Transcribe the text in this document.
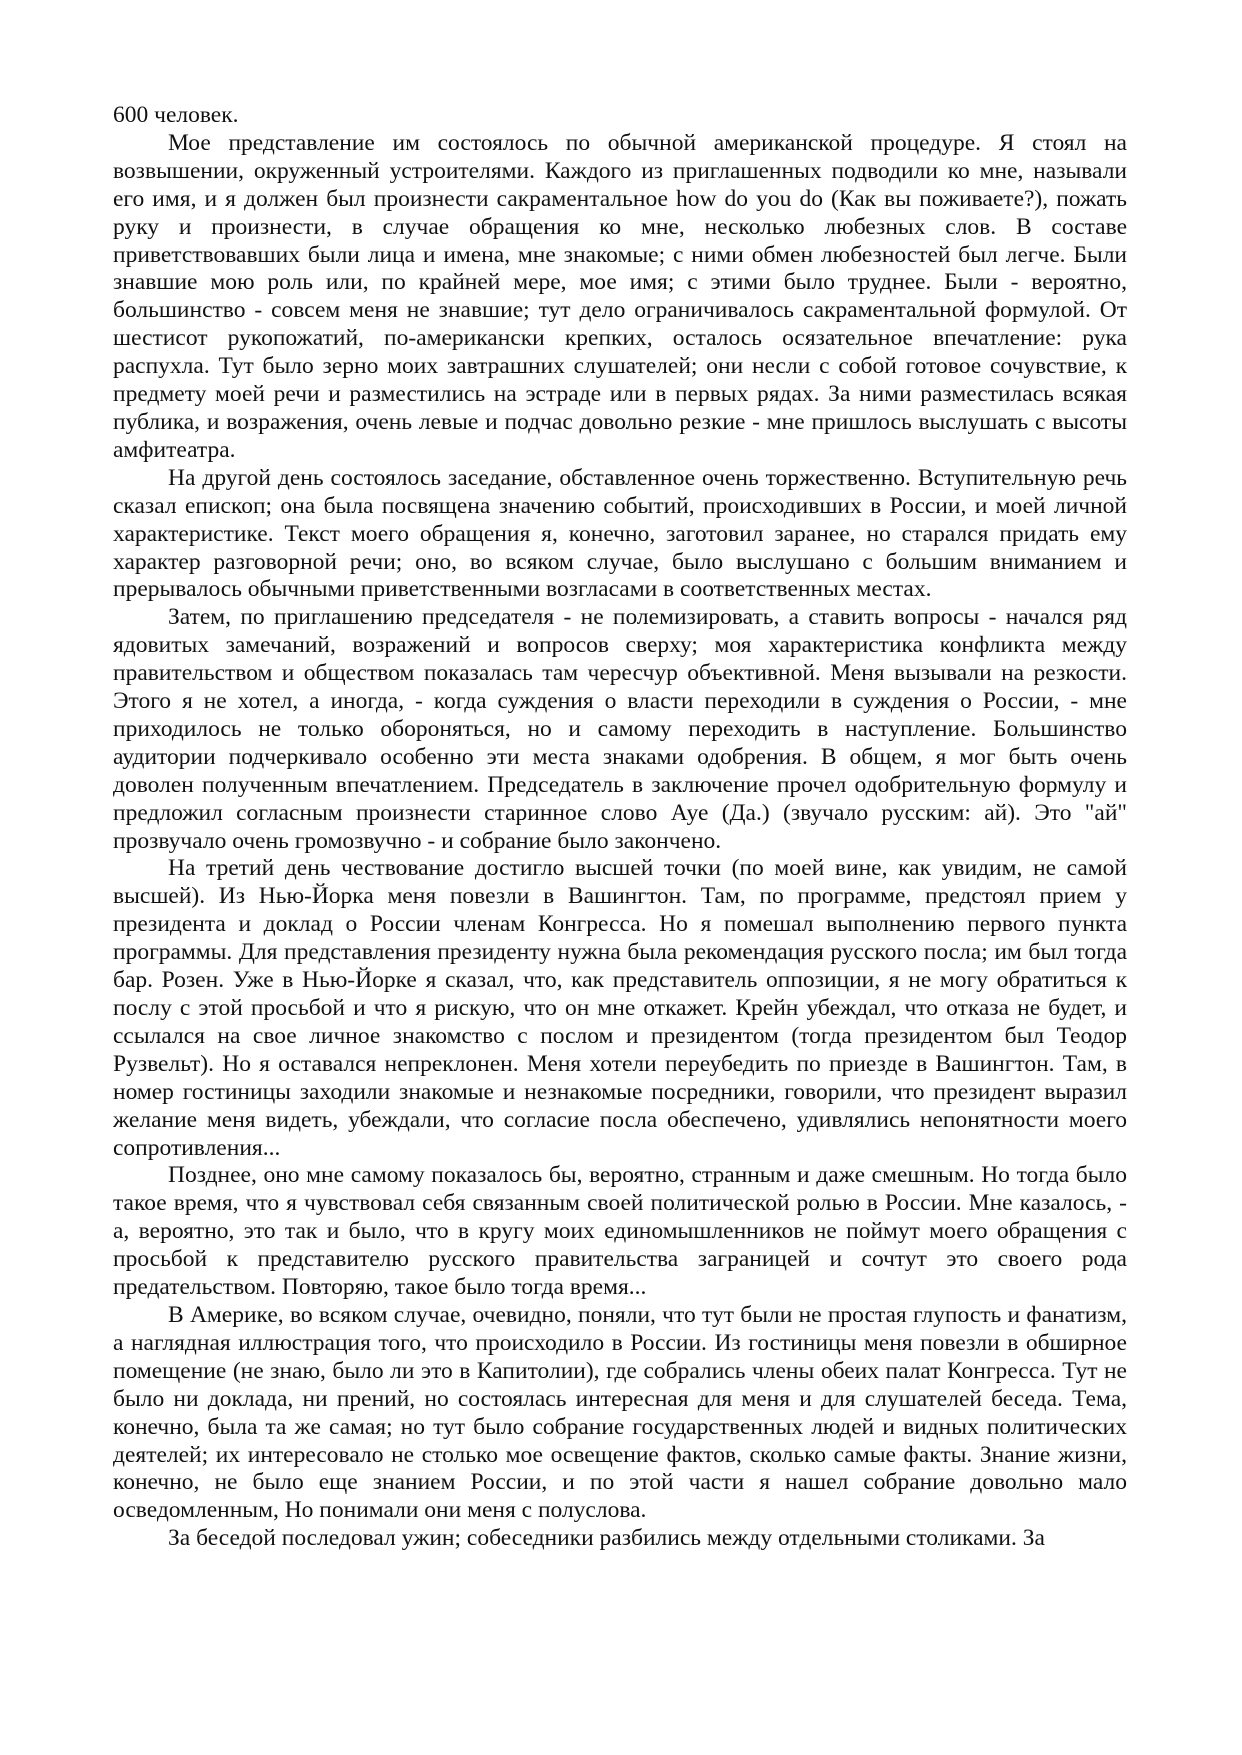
600 человек.

Мое представление им состоялось по обычной американской процедуре. Я стоял на возвышении, окруженный устроителями. Каждого из приглашенных подводили ко мне, называли его имя, и я должен был произнести сакраментальное how do you do (Как вы поживаете?), пожать руку и произнести, в случае обращения ко мне, несколько любезных слов. В составе приветствовавших были лица и имена, мне знакомые; с ними обмен любезностей был легче. Были знавшие мою роль или, по крайней мере, мое имя; с этими было труднее. Были - вероятно, большинство - совсем меня не знавшие; тут дело ограничивалось сакраментальной формулой. От шестисот рукопожатий, по-американски крепких, осталось осязательное впечатление: рука распухла. Тут было зерно моих завтрашних слушателей; они несли с собой готовое сочувствие, к предмету моей речи и разместились на эстраде или в первых рядах. За ними разместилась всякая публика, и возражения, очень левые и подчас довольно резкие - мне пришлось выслушать с высоты амфитеатра.

На другой день состоялось заседание, обставленное очень торжественно. Вступительную речь сказал епископ; она была посвящена значению событий, происходивших в России, и моей личной характеристике. Текст моего обращения я, конечно, заготовил заранее, но старался придать ему характер разговорной речи; оно, во всяком случае, было выслушано с большим вниманием и прерывалось обычными приветственными возгласами в соответственных местах.

Затем, по приглашению председателя - не полемизировать, а ставить вопросы - начался ряд ядовитых замечаний, возражений и вопросов сверху; моя характеристика конфликта между правительством и обществом показалась там чересчур объективной. Меня вызывали на резкости. Этого я не хотел, а иногда, - когда суждения о власти переходили в суждения о России, - мне приходилось не только обороняться, но и самому переходить в наступление. Большинство аудитории подчеркивало особенно эти места знаками одобрения. В общем, я мог быть очень доволен полученным впечатлением. Председатель в заключение прочел одобрительную формулу и предложил согласным произнести старинное слово Ауе (Да.) (звучало русским: ай). Это "ай" прозвучало очень громозвучно - и собрание было закончено.

На третий день чествование достигло высшей точки (по моей вине, как увидим, не самой высшей). Из Нью-Йорка меня повезли в Вашингтон. Там, по программе, предстоял прием у президента и доклад о России членам Конгресса. Но я помешал выполнению первого пункта программы. Для представления президенту нужна была рекомендация русского посла; им был тогда бар. Розен. Уже в Нью-Йорке я сказал, что, как представитель оппозиции, я не могу обратиться к послу с этой просьбой и что я рискую, что он мне откажет. Крейн убеждал, что отказа не будет, и ссылался на свое личное знакомство с послом и президентом (тогда президентом был Теодор Рузвельт). Но я оставался непреклонен. Меня хотели переубедить по приезде в Вашингтон. Там, в номер гостиницы заходили знакомые и незнакомые посредники, говорили, что президент выразил желание меня видеть, убеждали, что согласие посла обеспечено, удивлялись непонятности моего сопротивления...

Позднее, оно мне самому показалось бы, вероятно, странным и даже смешным. Но тогда было такое время, что я чувствовал себя связанным своей политической ролью в России. Мне казалось, - а, вероятно, это так и было, что в кругу моих единомышленников не поймут моего обращения с просьбой к представителю русского правительства заграницей и сочтут это своего рода предательством. Повторяю, такое было тогда время...

В Америке, во всяком случае, очевидно, поняли, что тут были не простая глупость и фанатизм, а наглядная иллюстрация того, что происходило в России. Из гостиницы меня повезли в обширное помещение (не знаю, было ли это в Капитолии), где собрались члены обеих палат Конгресса. Тут не было ни доклада, ни прений, но состоялась интересная для меня и для слушателей беседа. Тема, конечно, была та же самая; но тут было собрание государственных людей и видных политических деятелей; их интересовало не столько мое освещение фактов, сколько самые факты. Знание жизни, конечно, не было еще знанием России, и по этой части я нашел собрание довольно мало осведомленным, Но понимали они меня с полуслова.

За беседой последовал ужин; собеседники разбились между отдельными столиками. За
